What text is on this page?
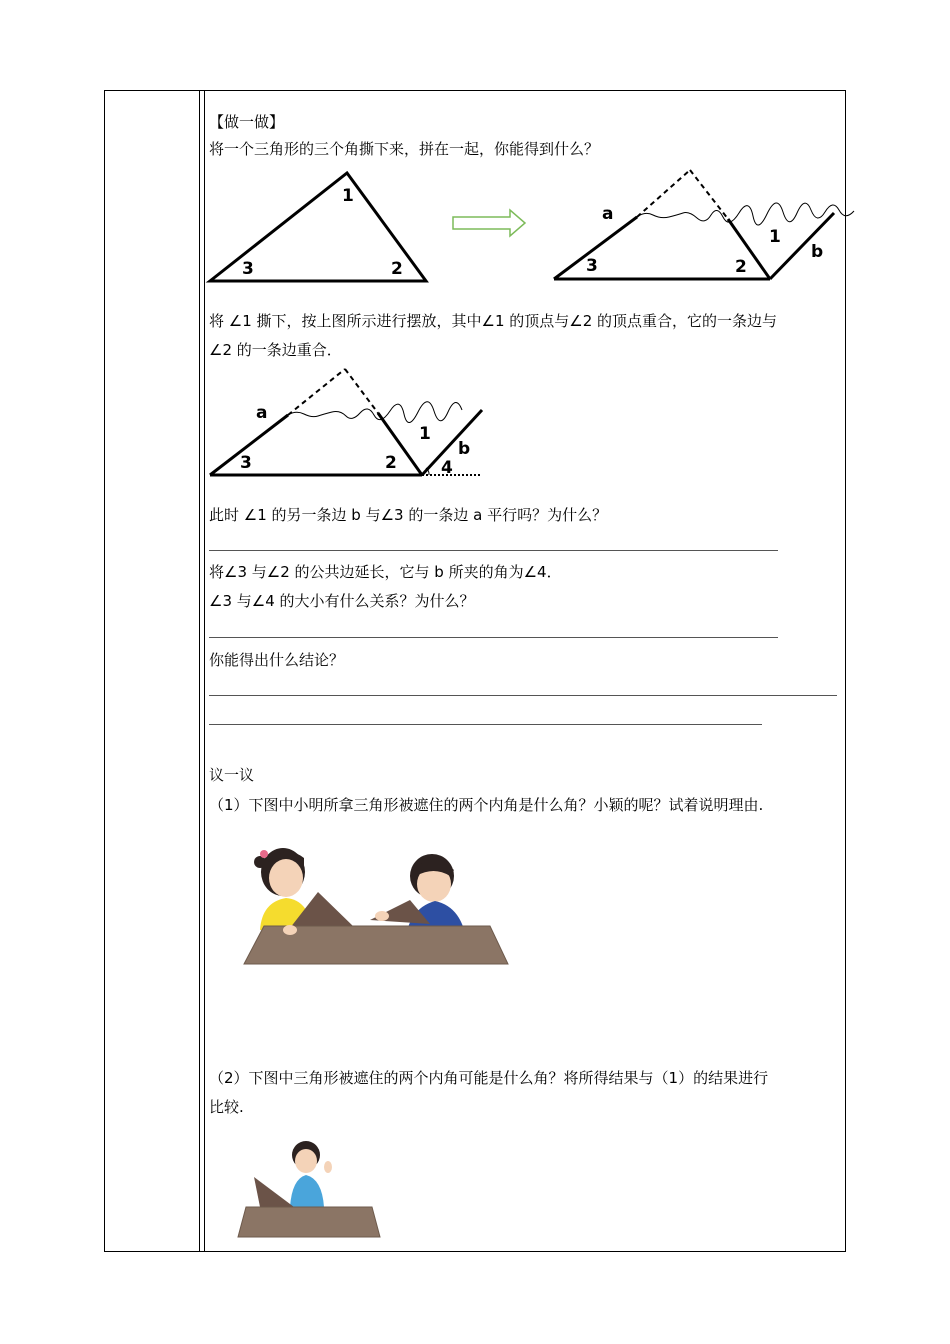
【做一做】
将一个三角形的三个角撕下来，拼在一起，你能得到什么？
1
3	2
a
1
b
3	2
将 ∠1 撕下，按上图所示进行摆放，其中∠1 的顶点与∠2 的顶点重合，它的一条边与
∠2 的一条边重合．
a
1
b
3	2	4
此时 ∠1 的另一条边 b 与∠3 的一条边 a 平行吗？为什么？
将∠3 与∠2 的公共边延长，它与 b 所夹的角为∠4．
∠3 与∠4 的大小有什么关系？为什么？
你能得出什么结论？
议一议
（1）下图中小明所拿三角形被遮住的两个内角是什么角？小颖的呢？试着说明理由.
（2）下图中三角形被遮住的两个内角可能是什么角？将所得结果与（1）的结果进行
比较.
